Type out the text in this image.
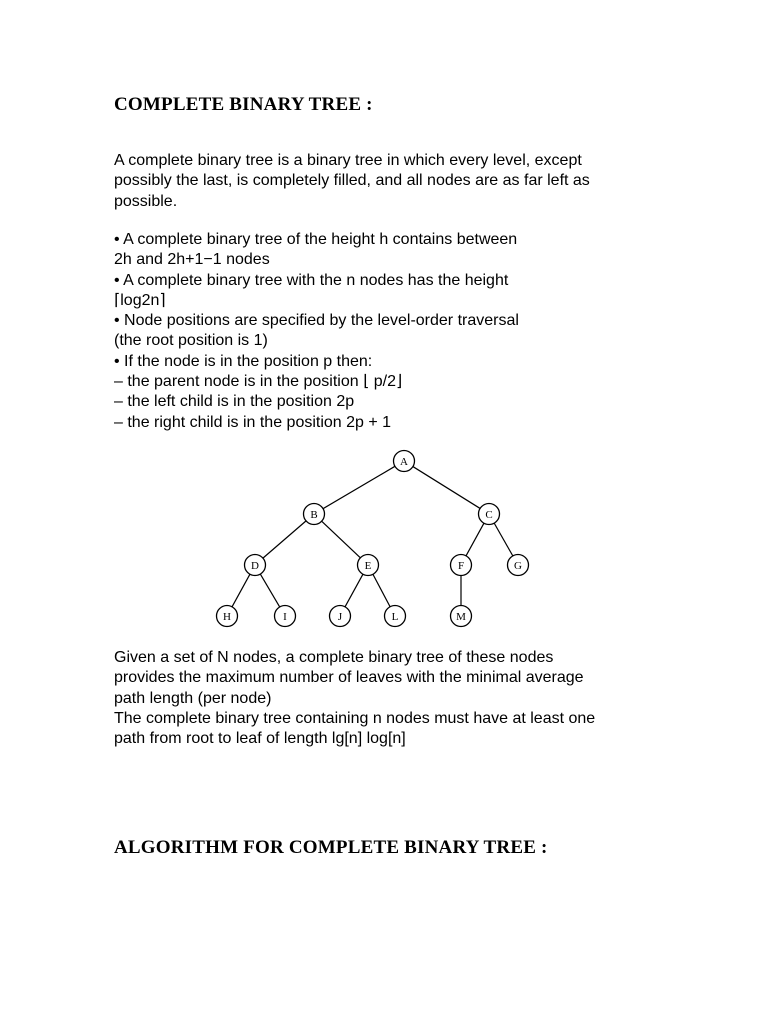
COMPLETE BINARY TREE :
A complete binary tree is a binary tree in which every level, except
possibly the last, is completely filled, and all nodes are as far left as
possible.
• A complete binary tree of the height h contains between
2h and 2h+1−1 nodes
• A complete binary tree with the n nodes has the height
⌈log2n⌉
• Node positions are specified by the level-order traversal
(the root position is 1)
• If the node is in the position p then:
– the parent node is in the position ⌊ p/2⌋
– the left child is in the position 2p
– the right child is in the position 2p + 1
A
B	C
D	E	F	G
H	I	J	L	M
Given a set of N nodes, a complete binary tree of these nodes
provides the maximum number of leaves with the minimal average
path length (per node)
The complete binary tree containing n nodes must have at least one
path from root to leaf of length lg[n] log[n]
ALGORITHM FOR COMPLETE BINARY TREE :
